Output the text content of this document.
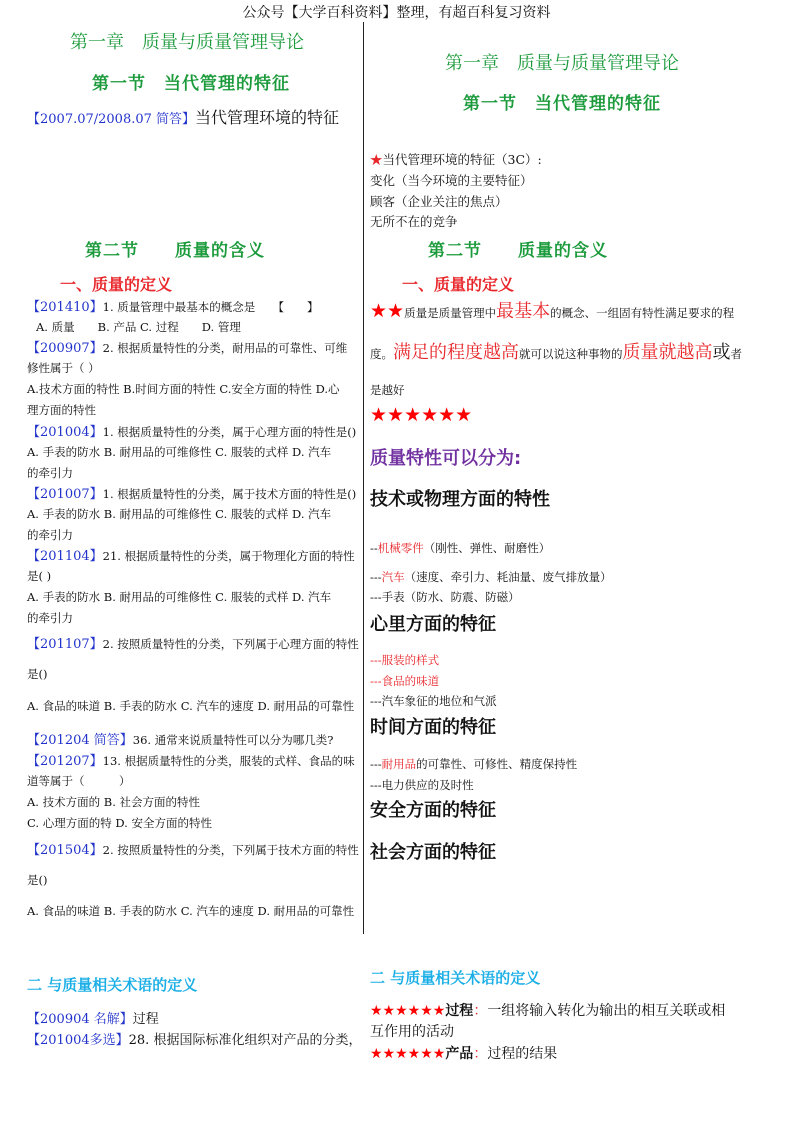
公众号【大学百科资料】整理，有超百科复习资料
第一章　质量与质量管理导论
第一节　当代管理的特征
【2007.07/2008.07 简答】当代管理环境的特征
第二节　　质量的含义
一、质量的定义
【201410】1. 质量管理中最基本的概念是　　【　　】
A. 质量　　B. 产品 C. 过程　　D. 管理
【200907】2. 根据质量特性的分类，耐用品的可靠性、可维
修性属于（ ）
A.技术方面的特性 B.时间方面的特性 C.安全方面的特性 D.心
理方面的特性
【201004】1. 根据质量特性的分类，属于心理方面的特性是()
A. 手表的防水 B. 耐用品的可维修性 C. 服装的式样 D. 汽车
的牵引力
【201007】1. 根据质量特性的分类，属于技术方面的特性是()
A. 手表的防水 B. 耐用品的可维修性 C. 服装的式样 D. 汽车
的牵引力
【201104】21. 根据质量特性的分类，属于物理化方面的特性
是( )
A. 手表的防水 B. 耐用品的可维修性 C. 服装的式样 D. 汽车
的牵引力
【201107】2. 按照质量特性的分类，下列属于心理方面的特性
是()
A. 食品的味道 B. 手表的防水 C. 汽车的速度 D. 耐用品的可靠性
【201204 简答】36. 通常来说质量特性可以分为哪几类?
【201207】13. 根据质量特性的分类，服装的式样、食品的味
道等属于（　　　）
A. 技术方面的 B. 社会方面的特性
C. 心理方面的特 D. 安全方面的特性
【201504】2. 按照质量特性的分类，下列属于技术方面的特性
是()
A. 食品的味道 B. 手表的防水 C. 汽车的速度 D. 耐用品的可靠性
二 与质量相关术语的定义
【200904 名解】过程
【201004多选】28. 根据国际标准化组织对产品的分类，
第一章　质量与质量管理导论
第一节　当代管理的特征
★当代管理环境的特征（3C）:
变化（当今环境的主要特征）
顾客（企业关注的焦点）
无所不在的竞争
第二节　　质量的含义
一、质量的定义
★★质量是质量管理中最基本的概念、一组固有特性满足要求的程
度。满足的程度越高就可以说这种事物的质量就越高或者
是越好
★★★★★★
质量特性可以分为:
技术或物理方面的特性
--机械零件（刚性、弹性、耐磨性）
---汽车（速度、牵引力、耗油量、废气排放量）
---手表（防水、防震、防磁）
心里方面的特征
---服装的样式
---食品的味道
---汽车象征的地位和气派
时间方面的特征
---耐用品的可靠性、可修性、精度保持性
---电力供应的及时性
安全方面的特征
社会方面的特征
二 与质量相关术语的定义
★★★★★★过程：一组将输入转化为输出的相互关联或相
互作用的活动
★★★★★★产品：过程的结果
